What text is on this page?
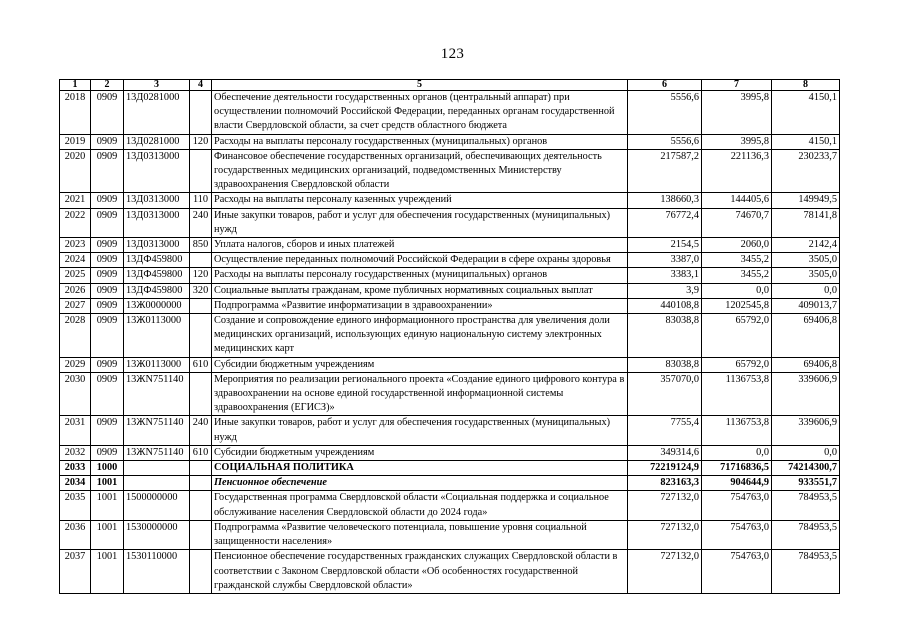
123
1	2	3	4	5	6	7	8
2018	0909	13Д0281000		Обеспечение деятельности государственных органов (центральный аппарат) при осуществлении полномочий Российской Федерации, переданных органам государственной власти Свердловской области, за счет средств областного бюджета	5556,6	3995,8	4150,1
2019	0909	13Д0281000	120	Расходы на выплаты персоналу государственных (муниципальных) органов	5556,6	3995,8	4150,1
2020	0909	13Д0313000		Финансовое обеспечение государственных организаций, обеспечивающих деятельность государственных медицинских организаций, подведомственных Министерству здравоохранения Свердловской области	217587,2	221136,3	230233,7
2021	0909	13Д0313000	110	Расходы на выплаты персоналу казенных учреждений	138660,3	144405,6	149949,5
2022	0909	13Д0313000	240	Иные закупки товаров, работ и услуг для обеспечения государственных (муниципальных) нужд	76772,4	74670,7	78141,8
2023	0909	13Д0313000	850	Уплата налогов, сборов и иных платежей	2154,5	2060,0	2142,4
2024	0909	13ДФ459800		Осуществление переданных полномочий Российской Федерации в сфере охраны здоровья	3387,0	3455,2	3505,0
2025	0909	13ДФ459800	120	Расходы на выплаты персоналу государственных (муниципальных) органов	3383,1	3455,2	3505,0
2026	0909	13ДФ459800	320	Социальные выплаты гражданам, кроме публичных нормативных социальных выплат	3,9	0,0	0,0
2027	0909	13Ж0000000		Подпрограмма «Развитие информатизации в здравоохранении»	440108,8	1202545,8	409013,7
2028	0909	13Ж0113000		Создание и сопровождение единого информационного пространства для увеличения доли медицинских организаций, использующих единую национальную систему электронных медицинских карт	83038,8	65792,0	69406,8
2029	0909	13Ж0113000	610	Субсидии бюджетным учреждениям	83038,8	65792,0	69406,8
2030	0909	13ЖN751140		Мероприятия по реализации регионального проекта «Создание единого цифрового контура в здравоохранении на основе единой государственной информационной системы здравоохранения (ЕГИСЗ)»	357070,0	1136753,8	339606,9
2031	0909	13ЖN751140	240	Иные закупки товаров, работ и услуг для обеспечения государственных (муниципальных) нужд	7755,4	1136753,8	339606,9
2032	0909	13ЖN751140	610	Субсидии бюджетным учреждениям	349314,6	0,0	0,0
2033	1000			СОЦИАЛЬНАЯ ПОЛИТИКА	72219124,9	71716836,5	74214300,7
2034	1001			Пенсионное обеспечение	823163,3	904644,9	933551,7
2035	1001	1500000000		Государственная программа Свердловской области «Социальная поддержка и социальное обслуживание населения Свердловской области до 2024 года»	727132,0	754763,0	784953,5
2036	1001	1530000000		Подпрограмма «Развитие человеческого потенциала, повышение уровня социальной защищенности населения»	727132,0	754763,0	784953,5
2037	1001	1530110000		Пенсионное обеспечение государственных гражданских служащих Свердловской области в соответствии с Законом Свердловской области «Об особенностях государственной гражданской службы Свердловской области»	727132,0	754763,0	784953,5
